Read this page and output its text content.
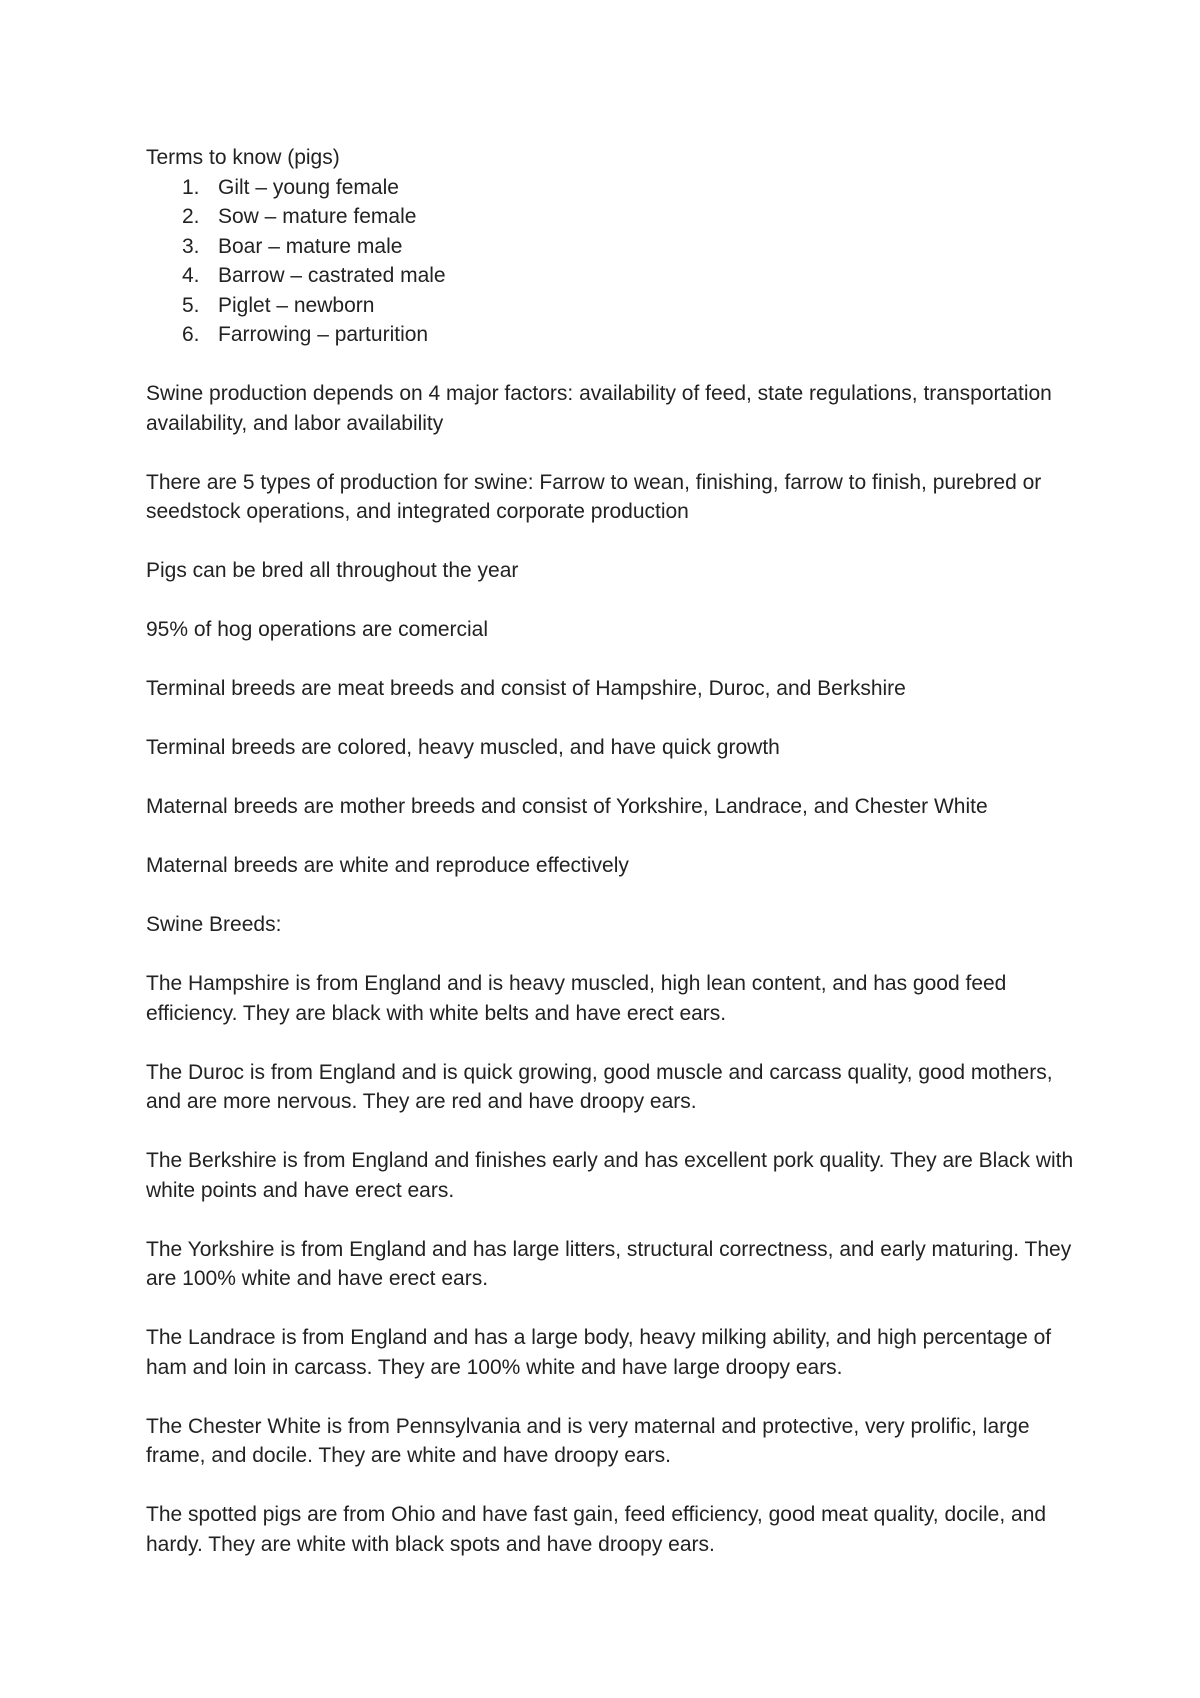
Terms to know (pigs)

1. Gilt – young female
2. Sow – mature female
3. Boar – mature male
4. Barrow – castrated male
5. Piglet – newborn
6. Farrowing – parturition

Swine production depends on 4 major factors: availability of feed, state regulations, transportation availability, and labor availability

There are 5 types of production for swine: Farrow to wean, finishing, farrow to finish, purebred or seedstock operations, and integrated corporate production

Pigs can be bred all throughout the year

95% of hog operations are comercial

Terminal breeds are meat breeds and consist of Hampshire, Duroc, and Berkshire

Terminal breeds are colored, heavy muscled, and have quick growth

Maternal breeds are mother breeds and consist of Yorkshire, Landrace, and Chester White

Maternal breeds are white and reproduce effectively

Swine Breeds:

The Hampshire is from England and is heavy muscled, high lean content, and has good feed efficiency. They are black with white belts and have erect ears.

The Duroc is from England and is quick growing, good muscle and carcass quality, good mothers, and are more nervous. They are red and have droopy ears.

The Berkshire is from England and finishes early and has excellent pork quality. They are Black with white points and have erect ears.

The Yorkshire is from England and has large litters, structural correctness, and early maturing. They are 100% white and have erect ears.

The Landrace is from England and has a large body, heavy milking ability, and high percentage of ham and loin in carcass. They are 100% white and have large droopy ears.

The Chester White is from Pennsylvania and is very maternal and protective, very prolific, large frame, and docile. They are white and have droopy ears.

The spotted pigs are from Ohio and have fast gain, feed efficiency, good meat quality, docile, and hardy. They are white with black spots and have droopy ears.
